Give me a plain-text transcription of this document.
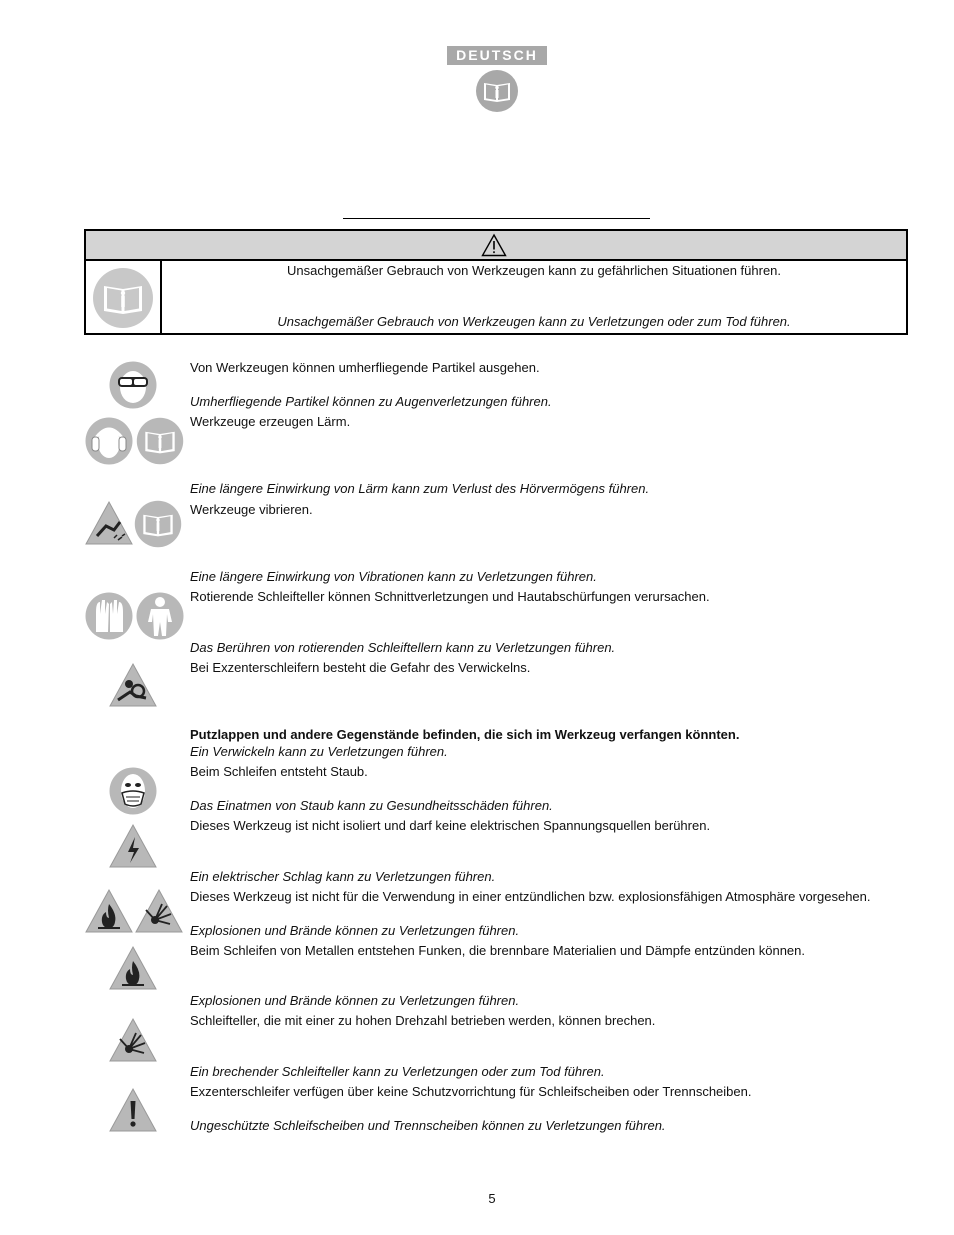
DEUTSCH
Unsachgemäßer Gebrauch von Werkzeugen kann zu gefährlichen Situationen führen.
Unsachgemäßer Gebrauch von Werkzeugen kann zu Verletzungen oder zum Tod führen.
Von Werkzeugen können umherfliegende Partikel ausgehen.
Umherfliegende Partikel können zu Augenverletzungen führen.
Werkzeuge erzeugen Lärm.
Eine längere Einwirkung von Lärm kann zum Verlust des Hörvermögens führen.
Werkzeuge vibrieren.
Eine längere Einwirkung von Vibrationen kann zu Verletzungen führen.
Rotierende Schleifteller können Schnittverletzungen und Hautabschürfungen verursachen.
Das Berühren von rotierenden Schleiftellern kann zu Verletzungen führen.
Bei Exzenterschleifern besteht die Gefahr des Verwickelns.
Putzlappen und andere Gegenstände befinden, die sich im Werkzeug verfangen könnten.
Ein Verwickeln kann zu Verletzungen führen.
Beim Schleifen entsteht Staub.
Das Einatmen von Staub kann zu Gesundheitsschäden führen.
Dieses Werkzeug ist nicht isoliert und darf keine elektrischen Spannungsquellen berühren.
Ein elektrischer Schlag kann zu Verletzungen führen.
Dieses Werkzeug ist nicht für die Verwendung in einer entzündlichen bzw. explosionsfähigen Atmosphäre vorgesehen.
Explosionen und Brände können zu Verletzungen führen.
Beim Schleifen von Metallen entstehen Funken, die brennbare Materialien und Dämpfe entzünden können.
Explosionen und Brände können zu Verletzungen führen.
Schleifteller, die mit einer zu hohen Drehzahl betrieben werden, können brechen.
Ein brechender Schleifteller kann zu Verletzungen oder zum Tod führen.
Exzenterschleifer verfügen über keine Schutzvorrichtung für Schleifscheiben oder Trennscheiben.
Ungeschützte Schleifscheiben und Trennscheiben können zu Verletzungen führen.
5
